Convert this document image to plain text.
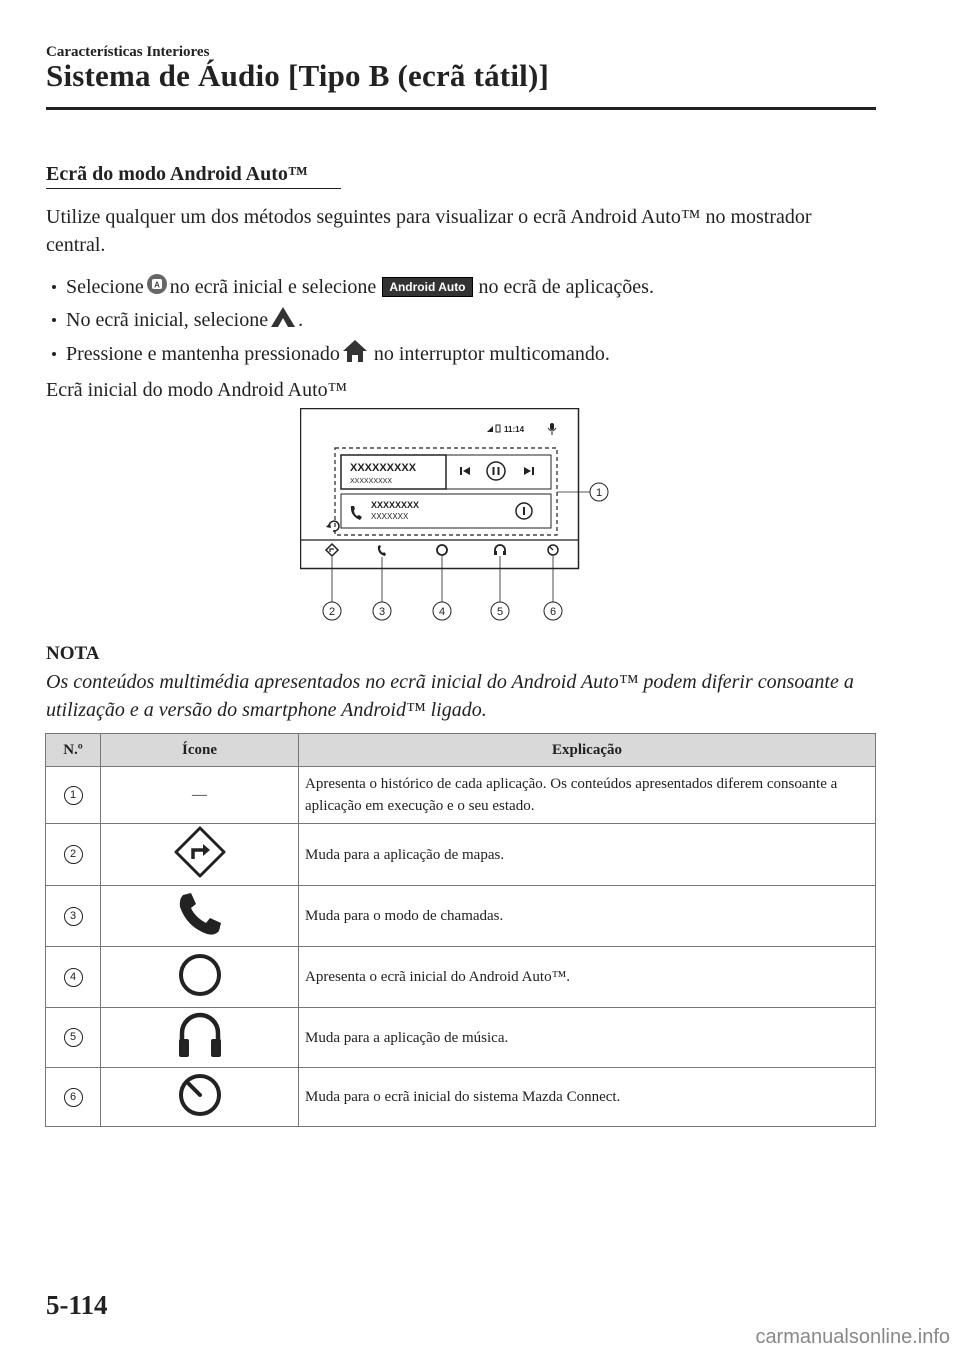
Características Interiores
Sistema de Áudio [Tipo B (ecrã tátil)]
Ecrã do modo Android Auto™
Utilize qualquer um dos métodos seguintes para visualizar o ecrã Android Auto™ no mostrador central.
Selecione A no ecrã inicial e selecione	Android Auto no ecrã de aplicações.
No ecrã inicial, selecione .
Pressione e mantenha pressionado no interruptor multicomando.
Ecrã inicial do modo Android Auto™
11:14
XXXXXXXXX
XXXXXXXXX
XXXXXXXX
XXXXXXX
1
2	3	4	5	6
NOTA
Os conteúdos multimédia apresentados no ecrã inicial do Android Auto™ podem diferir consoante a utilização e a versão do smartphone Android™ ligado.
N.º	Ícone	Explicação
1	—	Apresenta o histórico de cada aplicação. Os conteúdos apresentados diferem consoante a aplicação em execução e o seu estado.
2		Muda para a aplicação de mapas.
3		Muda para o modo de chamadas.
4		Apresenta o ecrã inicial do Android Auto™.
5		Muda para a aplicação de música.
6		Muda para o ecrã inicial do sistema Mazda Connect.
5-114
carmanualsonline.info
